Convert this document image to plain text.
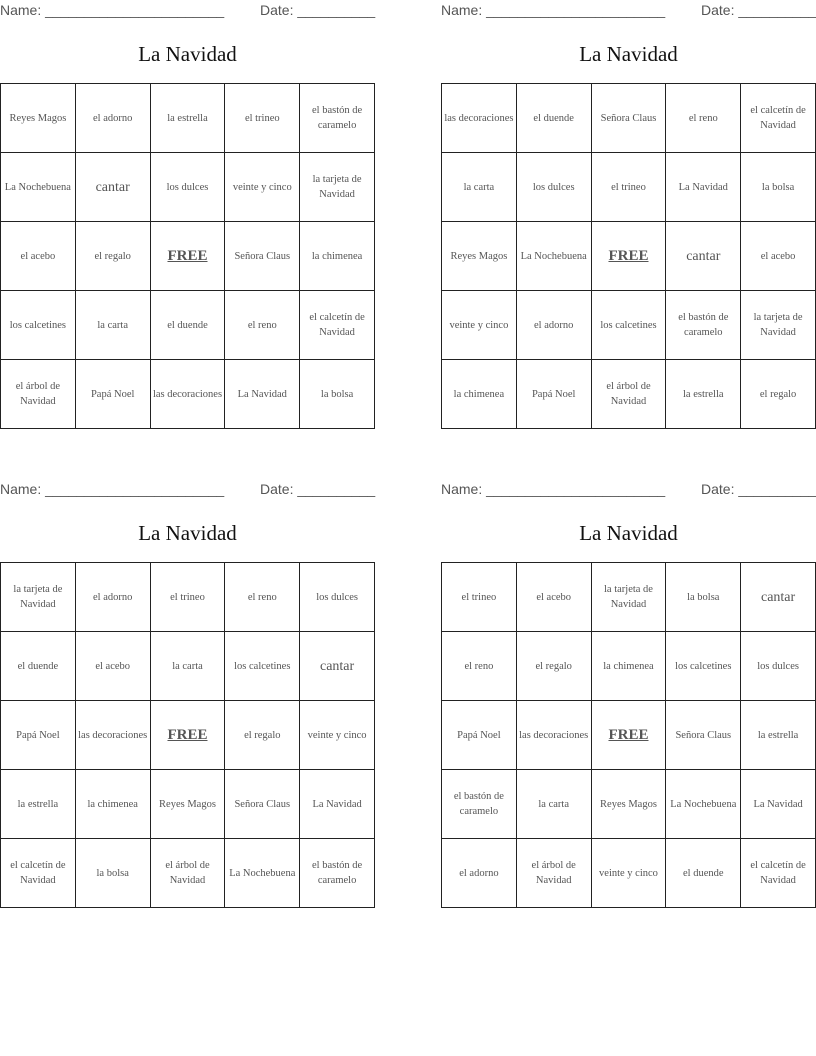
Name: _______________________	Date: __________
La Navidad
Reyes Magos	el adorno	la estrella	el trineo	el bastón de caramelo
La Nochebuena	cantar	los dulces	veinte y cinco	la tarjeta de Navidad
el acebo	el regalo	FREE	Señora Claus	la chimenea
los calcetines	la carta	el duende	el reno	el calcetín de Navidad
el árbol de Navidad	Papá Noel	las decoraciones	La Navidad	la bolsa
Name: _______________________	Date: __________
La Navidad
las decoraciones	el duende	Señora Claus	el reno	el calcetín de Navidad
la carta	los dulces	el trineo	La Navidad	la bolsa
Reyes Magos	La Nochebuena	FREE	cantar	el acebo
veinte y cinco	el adorno	los calcetines	el bastón de caramelo	la tarjeta de Navidad
la chimenea	Papá Noel	el árbol de Navidad	la estrella	el regalo
Name: _______________________	Date: __________
La Navidad
la tarjeta de Navidad	el adorno	el trineo	el reno	los dulces
el duende	el acebo	la carta	los calcetines	cantar
Papá Noel	las decoraciones	FREE	el regalo	veinte y cinco
la estrella	la chimenea	Reyes Magos	Señora Claus	La Navidad
el calcetín de Navidad	la bolsa	el árbol de Navidad	La Nochebuena	el bastón de caramelo
Name: _______________________	Date: __________
La Navidad
el trineo	el acebo	la tarjeta de Navidad	la bolsa	cantar
el reno	el regalo	la chimenea	los calcetines	los dulces
Papá Noel	las decoraciones	FREE	Señora Claus	la estrella
el bastón de caramelo	la carta	Reyes Magos	La Nochebuena	La Navidad
el adorno	el árbol de Navidad	veinte y cinco	el duende	el calcetín de Navidad
